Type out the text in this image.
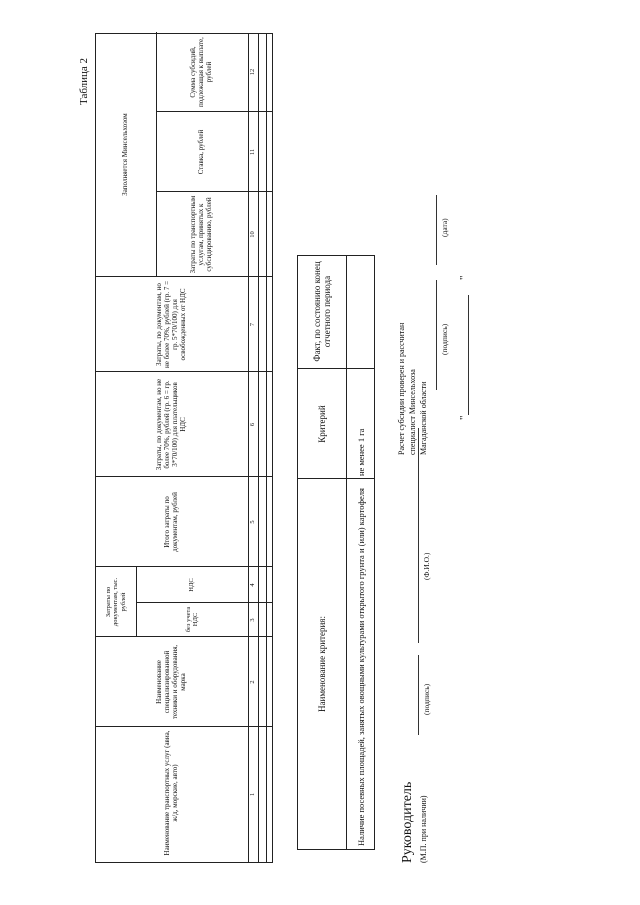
Таблица 2
Наименование транспортных услуг (авиа, ж/д, морские, авто)
Наименование специализированной техники и оборудования, марка
Затраты по документам, тыс. рублей
без учета НДС
НДС
Итого затраты по документам, рублей
Затраты, по документам, но не более 70%, рублей (гр. 6 = гр. 3*70/100) для плательщиков НДС
Затраты, по документам, но не более 70%, рублей (гр. 7 = гр. 5*70/100) для освобожденных от НДС
Заполняется Минсельхозом
Затраты по транспортным услугам, принятых к субсидированию, рублей
Ставка, рублей
Сумма субсидий, подлежащая к выплате, рублей
1
2
3
4
5
6
7
10
11
12
Наименование критерия:
Критерий
Факт, по состоянию конец отчетного периода
Наличие посевных площадей, занятых овощными культурами открытого грунта и (или) картофеля
не менее 1 га
Руководитель (М.П. при наличии)
(подпись)
(Ф.И.О.)
"
"
Расчет субсидии проверен и рассчитан специалист Минсельхоза Магаданской области
(подпись)
(дата)
